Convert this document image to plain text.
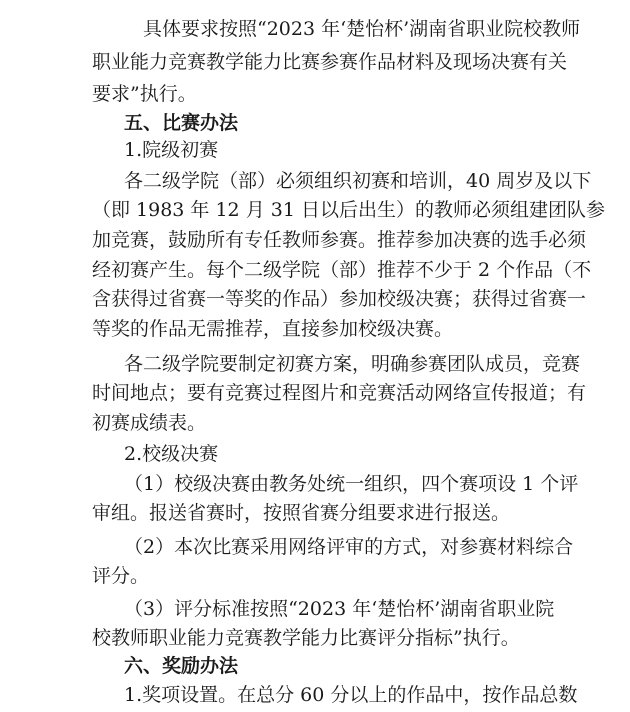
具体要求按照“2023 年‘楚怡杯’湖南省职业院校教师
职业能力竞赛教学能力比赛参赛作品材料及现场决赛有关
要求”执行。
五、比赛办法
1.院级初赛
各二级学院（部）必须组织初赛和培训，40 周岁及以下
（即 1983 年 12 月 31 日以后出生）的教师必须组建团队参
加竞赛，鼓励所有专任教师参赛。推荐参加决赛的选手必须
经初赛产生。每个二级学院（部）推荐不少于 2 个作品（不
含获得过省赛一等奖的作品）参加校级决赛；获得过省赛一
等奖的作品无需推荐，直接参加校级决赛。
各二级学院要制定初赛方案，明确参赛团队成员，竞赛
时间地点；要有竞赛过程图片和竞赛活动网络宣传报道；有
初赛成绩表。
2.校级决赛
（1）校级决赛由教务处统一组织，四个赛项设 1 个评
审组。报送省赛时，按照省赛分组要求进行报送。
（2）本次比赛采用网络评审的方式，对参赛材料综合
评分。
（3）评分标准按照“2023 年‘楚怡杯’湖南省职业院
校教师职业能力竞赛教学能力比赛评分指标”执行。
六、奖励办法
1.奖项设置。在总分 60 分以上的作品中，按作品总数
